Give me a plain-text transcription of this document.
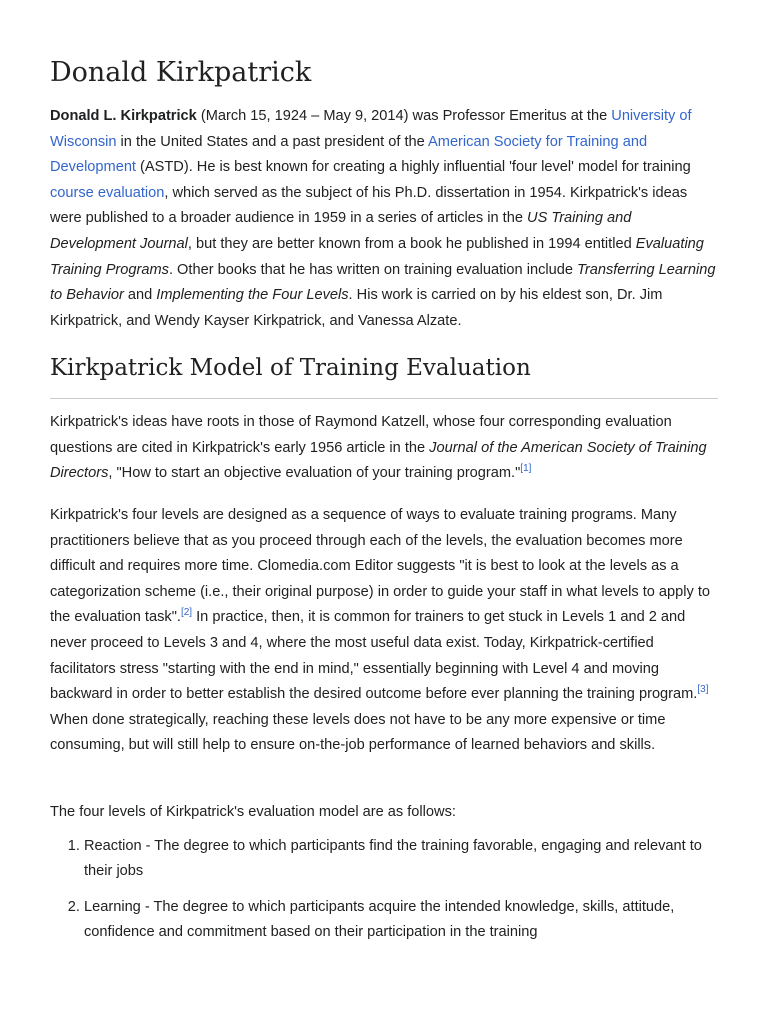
Donald Kirkpatrick

Donald L. Kirkpatrick (March 15, 1924 – May 9, 2014) was Professor Emeritus at the University of Wisconsin in the United States and a past president of the American Society for Training and Development (ASTD). He is best known for creating a highly influential 'four level' model for training course evaluation, which served as the subject of his Ph.D. dissertation in 1954. Kirkpatrick's ideas were published to a broader audience in 1959 in a series of articles in the US Training and Development Journal, but they are better known from a book he published in 1994 entitled Evaluating Training Programs. Other books that he has written on training evaluation include Transferring Learning to Behavior and Implementing the Four Levels. His work is carried on by his eldest son, Dr. Jim Kirkpatrick, and Wendy Kayser Kirkpatrick, and Vanessa Alzate.

Kirkpatrick Model of Training Evaluation

Kirkpatrick's ideas have roots in those of Raymond Katzell, whose four corresponding evaluation questions are cited in Kirkpatrick's early 1956 article in the Journal of the American Society of Training Directors, "How to start an objective evaluation of your training program."[1]

Kirkpatrick's four levels are designed as a sequence of ways to evaluate training programs. Many practitioners believe that as you proceed through each of the levels, the evaluation becomes more difficult and requires more time. Clomedia.com Editor suggests "it is best to look at the levels as a categorization scheme (i.e., their original purpose) in order to guide your staff in what levels to apply to the evaluation task".[2] In practice, then, it is common for trainers to get stuck in Levels 1 and 2 and never proceed to Levels 3 and 4, where the most useful data exist. Today, Kirkpatrick-certified facilitators stress "starting with the end in mind," essentially beginning with Level 4 and moving backward in order to better establish the desired outcome before ever planning the training program.[3] When done strategically, reaching these levels does not have to be any more expensive or time consuming, but will still help to ensure on-the-job performance of learned behaviors and skills.

The four levels of Kirkpatrick's evaluation model are as follows:

1. Reaction - The degree to which participants find the training favorable, engaging and relevant to their jobs
2. Learning - The degree to which participants acquire the intended knowledge, skills, attitude, confidence and commitment based on their participation in the training
